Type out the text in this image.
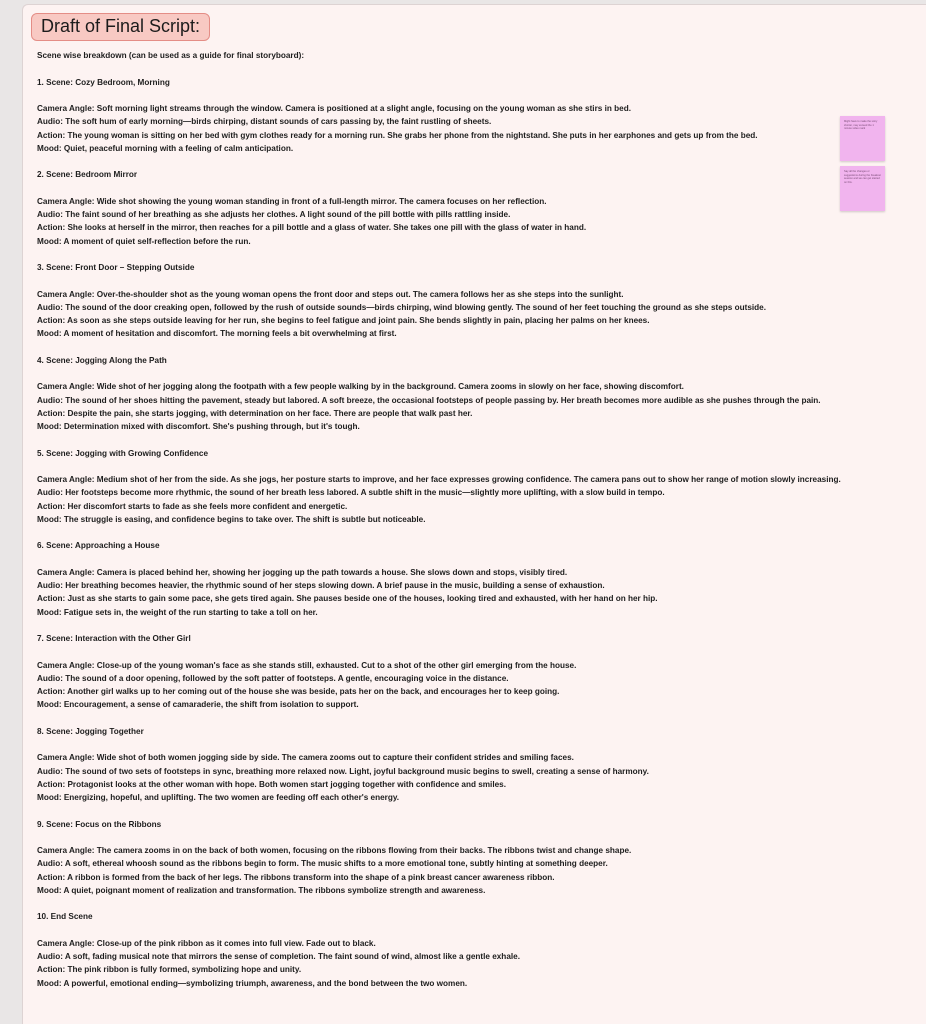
Draft of Final Script:
Scene wise breakdown (can be used as a guide for final storyboard):
1. Scene: Cozy Bedroom, Morning
Camera Angle: Soft morning light streams through the window. Camera is positioned at a slight angle, focusing on the young woman as she stirs in bed.
Audio: The soft hum of early morning—birds chirping, distant sounds of cars passing by, the faint rustling of sheets.
Action: The young woman is sitting on her bed with gym clothes ready for a morning run. She grabs her phone from the nightstand. She puts in her earphones and gets up from the bed.
Mood: Quiet, peaceful morning with a feeling of calm anticipation.
2. Scene: Bedroom Mirror
Camera Angle: Wide shot showing the young woman standing in front of a full-length mirror. The camera focuses on her reflection.
Audio: The faint sound of her breathing as she adjusts her clothes. A light sound of the pill bottle with pills rattling inside.
Action: She looks at herself in the mirror, then reaches for a pill bottle and a glass of water. She takes one pill with the glass of water in hand.
Mood: A moment of quiet self-reflection before the run.
3. Scene: Front Door – Stepping Outside
Camera Angle: Over-the-shoulder shot as the young woman opens the front door and steps out. The camera follows her as she steps into the sunlight.
Audio: The sound of the door creaking open, followed by the rush of outside sounds—birds chirping, wind blowing gently. The sound of her feet touching the ground as she steps outside.
Action: As soon as she steps outside leaving for her run, she begins to feel fatigue and joint pain. She bends slightly in pain, placing her palms on her knees.
Mood: A moment of hesitation and discomfort. The morning feels a bit overwhelming at first.
4. Scene: Jogging Along the Path
Camera Angle: Wide shot of her jogging along the footpath with a few people walking by in the background. Camera zooms in slowly on her face, showing discomfort.
Audio: The sound of her shoes hitting the pavement, steady but labored. A soft breeze, the occasional footsteps of people passing by. Her breath becomes more audible as she pushes through the pain.
Action: Despite the pain, she starts jogging, with determination on her face. There are people that walk past her.
Mood: Determination mixed with discomfort. She's pushing through, but it's tough.
5. Scene: Jogging with Growing Confidence
Camera Angle: Medium shot of her from the side. As she jogs, her posture starts to improve, and her face expresses growing confidence. The camera pans out to show her range of motion slowly increasing.
Audio: Her footsteps become more rhythmic, the sound of her breath less labored. A subtle shift in the music—slightly more uplifting, with a slow build in tempo.
Action: Her discomfort starts to fade as she feels more confident and energetic.
Mood: The struggle is easing, and confidence begins to take over. The shift is subtle but noticeable.
6. Scene: Approaching a House
Camera Angle: Camera is placed behind her, showing her jogging up the path towards a house. She slows down and stops, visibly tired.
Audio: Her breathing becomes heavier, the rhythmic sound of her steps slowing down. A brief pause in the music, building a sense of exhaustion.
Action: Just as she starts to gain some pace, she gets tired again. She pauses beside one of the houses, looking tired and exhausted, with her hand on her hip.
Mood: Fatigue sets in, the weight of the run starting to take a toll on her.
7. Scene: Interaction with the Other Girl
Camera Angle: Close-up of the young woman's face as she stands still, exhausted. Cut to a shot of the other girl emerging from the house.
Audio: The sound of a door opening, followed by the soft patter of footsteps. A gentle, encouraging voice in the distance.
Action: Another girl walks up to her coming out of the house she was beside, pats her on the back, and encourages her to keep going.
Mood: Encouragement, a sense of camaraderie, the shift from isolation to support.
8. Scene: Jogging Together
Camera Angle: Wide shot of both women jogging side by side. The camera zooms out to capture their confident strides and smiling faces.
Audio: The sound of two sets of footsteps in sync, breathing more relaxed now. Light, joyful background music begins to swell, creating a sense of harmony.
Action: Protagonist looks at the other woman with hope. Both women start jogging together with confidence and smiles.
Mood: Energizing, hopeful, and uplifting. The two women are feeding off each other's energy.
9. Scene: Focus on the Ribbons
Camera Angle: The camera zooms in on the back of both women, focusing on the ribbons flowing from their backs. The ribbons twist and change shape.
Audio: A soft, ethereal whoosh sound as the ribbons begin to form. The music shifts to a more emotional tone, subtly hinting at something deeper.
Action: A ribbon is formed from the back of her legs. The ribbons transform into the shape of a pink breast cancer awareness ribbon.
Mood: A quiet, poignant moment of realization and transformation. The ribbons symbolize strength and awareness.
10. End Scene
Camera Angle: Close-up of the pink ribbon as it comes into full view. Fade out to black.
Audio: A soft, fading musical note that mirrors the sense of completion. The faint sound of wind, almost like a gentle exhale.
Action: The pink ribbon is fully formed, symbolizing hope and unity.
Mood: A powerful, emotional ending—symbolizing triumph, awareness, and the bond between the two women.
Might have to make the story shorter, may exceed the 1 minute video mark
Say all the changes or suggestions during the breakout session and we can get started on this.
